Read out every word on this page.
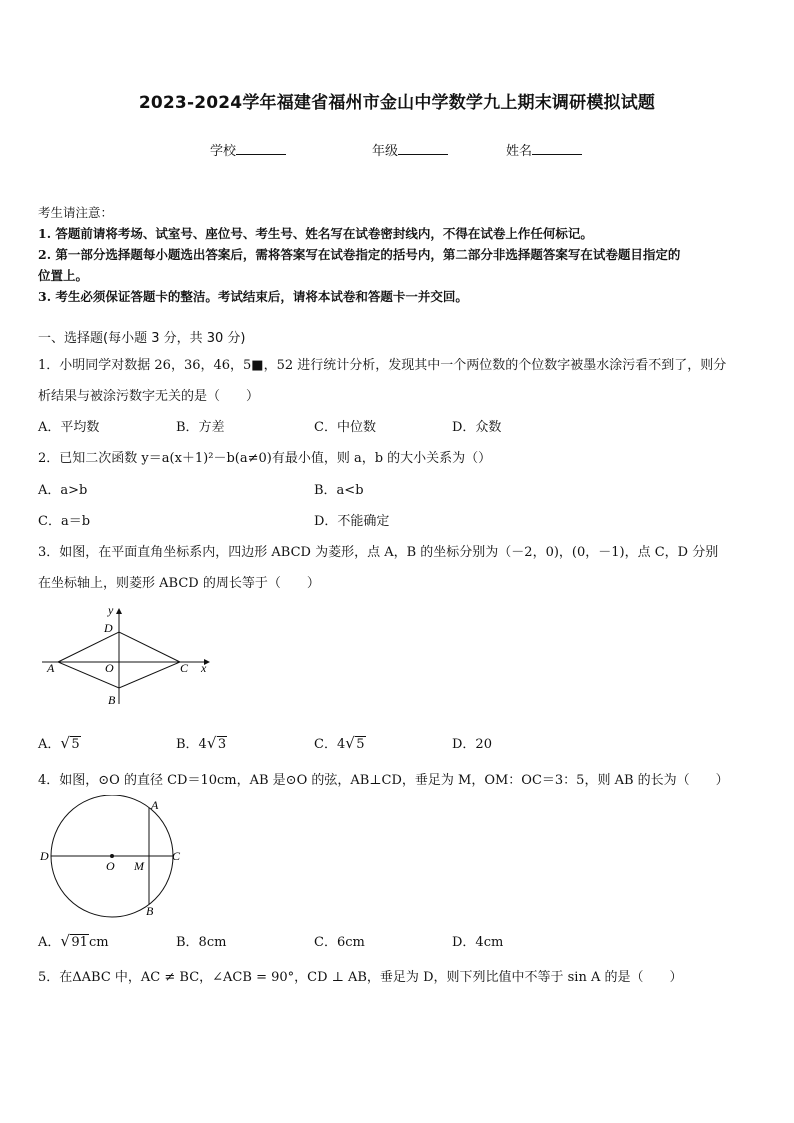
2023-2024学年福建省福州市金山中学数学九上期末调研模拟试题
学校	年级	姓名
考生请注意：
1. 答题前请将考场、试室号、座位号、考生号、姓名写在试卷密封线内，不得在试卷上作任何标记。
2. 第一部分选择题每小题选出答案后，需将答案写在试卷指定的括号内，第二部分非选择题答案写在试卷题目指定的
位置上。
3. 考生必须保证答题卡的整洁。考试结束后，请将本试卷和答题卡一并交回。
一、选择题(每小题 3 分，共 30 分)
1．小明同学对数据 26，36，46，5■，52 进行统计分析，发现其中一个两位数的个位数字被墨水涂污看不到了，则分
析结果与被涂污数字无关的是（　　）
A．平均数	B．方差	C．中位数	D．众数
2．已知二次函数 y＝a(x＋1)²－b(a≠0)有最小值，则 a，b 的大小关系为（）
A．a>b	B．a<b
C．a＝b	D．不能确定
3．如图，在平面直角坐标系内，四边形 ABCD 为菱形，点 A，B 的坐标分别为（－2，0)，(0，－1)，点 C，D 分别
在坐标轴上，则菱形 ABCD 的周长等于（　　）
y
x
D
O
A	C
B
A． √ 5	B．4 √ 3	C．4 √ 5	D．20
4．如图，⊙O 的直径 CD＝10cm，AB 是⊙O 的弦，AB⊥CD，垂足为 M，OM：OC＝3：5，则 AB 的长为（　　）
A
B
D	C
O M
A． √ 91cm	B．8cm	C．6cm	D．4cm
5．在ΔABC 中，AC ≠ BC，∠ACB = 90°，CD ⊥ AB，垂足为 D，则下列比值中不等于 sin A 的是（　　）
